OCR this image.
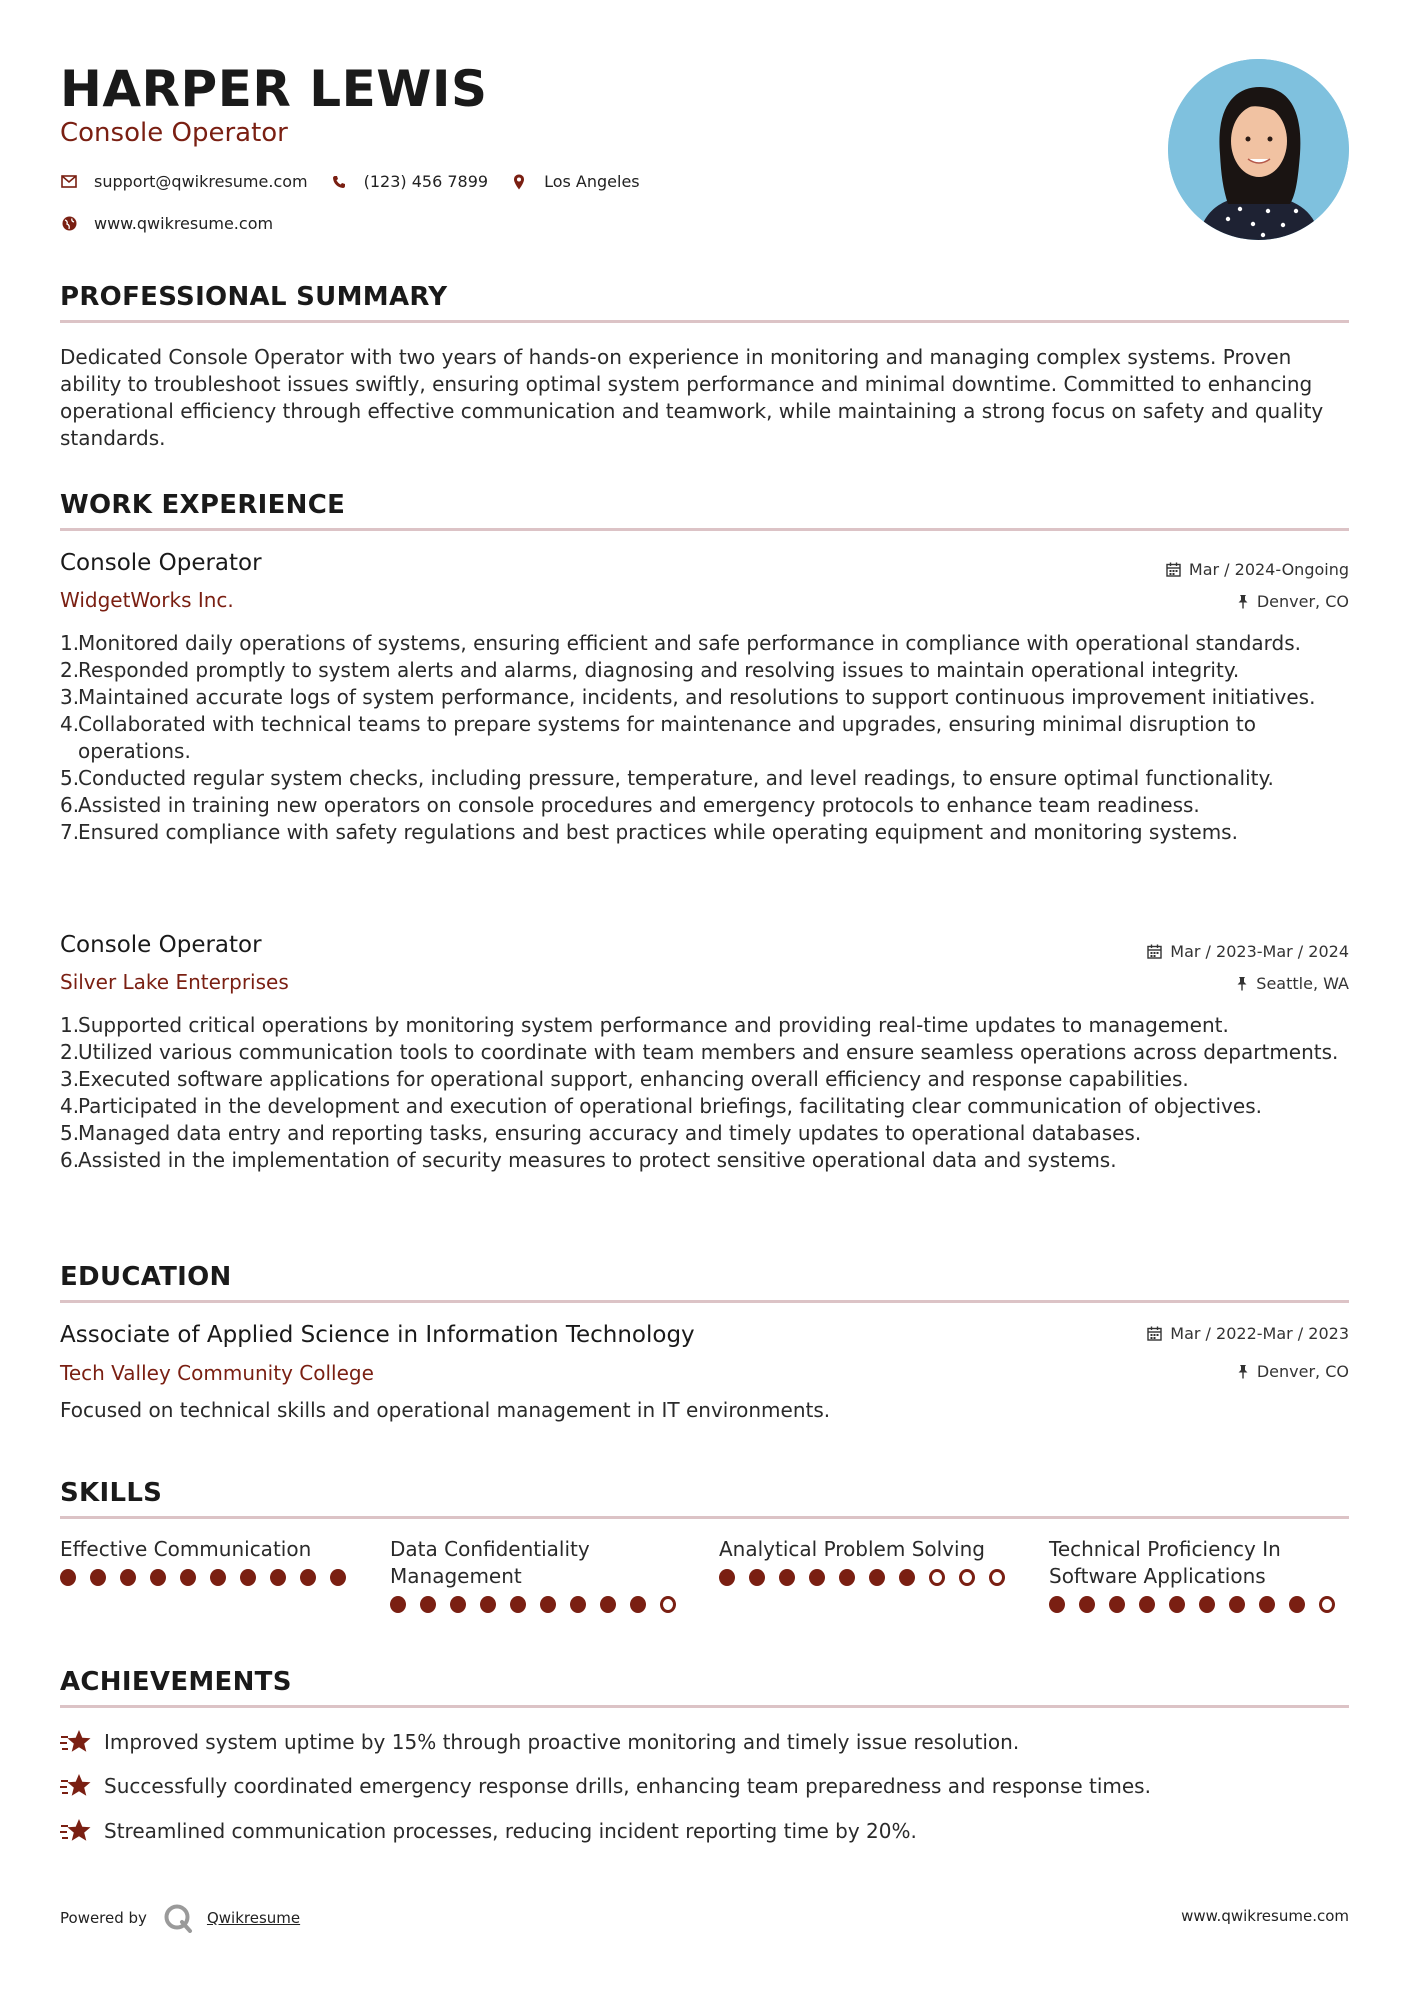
HARPER LEWIS
Console Operator
support@qwikresume.com	(123) 456 7899	Los Angeles
www.qwikresume.com
PROFESSIONAL SUMMARY
Dedicated Console Operator with two years of hands-on experience in monitoring and managing complex systems. Proven ability to troubleshoot issues swiftly, ensuring optimal system performance and minimal downtime. Committed to enhancing operational efficiency through effective communication and teamwork, while maintaining a strong focus on safety and quality standards.
WORK EXPERIENCE
Console Operator
WidgetWorks Inc.
Mar / 2024-Ongoing
Denver, CO
1.
Monitored daily operations of systems, ensuring efficient and safe performance in compliance with operational standards.
2.
Responded promptly to system alerts and alarms, diagnosing and resolving issues to maintain operational integrity.
3.
Maintained accurate logs of system performance, incidents, and resolutions to support continuous improvement initiatives.
4.
Collaborated with technical teams to prepare systems for maintenance and upgrades, ensuring minimal disruption to operations.
5.
Conducted regular system checks, including pressure, temperature, and level readings, to ensure optimal functionality.
6.
Assisted in training new operators on console procedures and emergency protocols to enhance team readiness.
7.
Ensured compliance with safety regulations and best practices while operating equipment and monitoring systems.
Console Operator
Silver Lake Enterprises
Mar / 2023-Mar / 2024
Seattle, WA
1.
Supported critical operations by monitoring system performance and providing real-time updates to management.
2.
Utilized various communication tools to coordinate with team members and ensure seamless operations across departments.
3.
Executed software applications for operational support, enhancing overall efficiency and response capabilities.
4.
Participated in the development and execution of operational briefings, facilitating clear communication of objectives.
5.
Managed data entry and reporting tasks, ensuring accuracy and timely updates to operational databases.
6.
Assisted in the implementation of security measures to protect sensitive operational data and systems.
EDUCATION
Associate of Applied Science in Information Technology
Tech Valley Community College
Mar / 2022-Mar / 2023
Denver, CO
Focused on technical skills and operational management in IT environments.
SKILLS
Effective Communication	Data Confidentiality Management
Analytical Problem Solving	Technical Proficiency In Software Applications
ACHIEVEMENTS
Improved system uptime by 15% through proactive monitoring and timely issue resolution.
Successfully coordinated emergency response drills, enhancing team preparedness and response times.
Streamlined communication processes, reducing incident reporting time by 20%.
Powered by	Qwikresume	www.qwikresume.com
